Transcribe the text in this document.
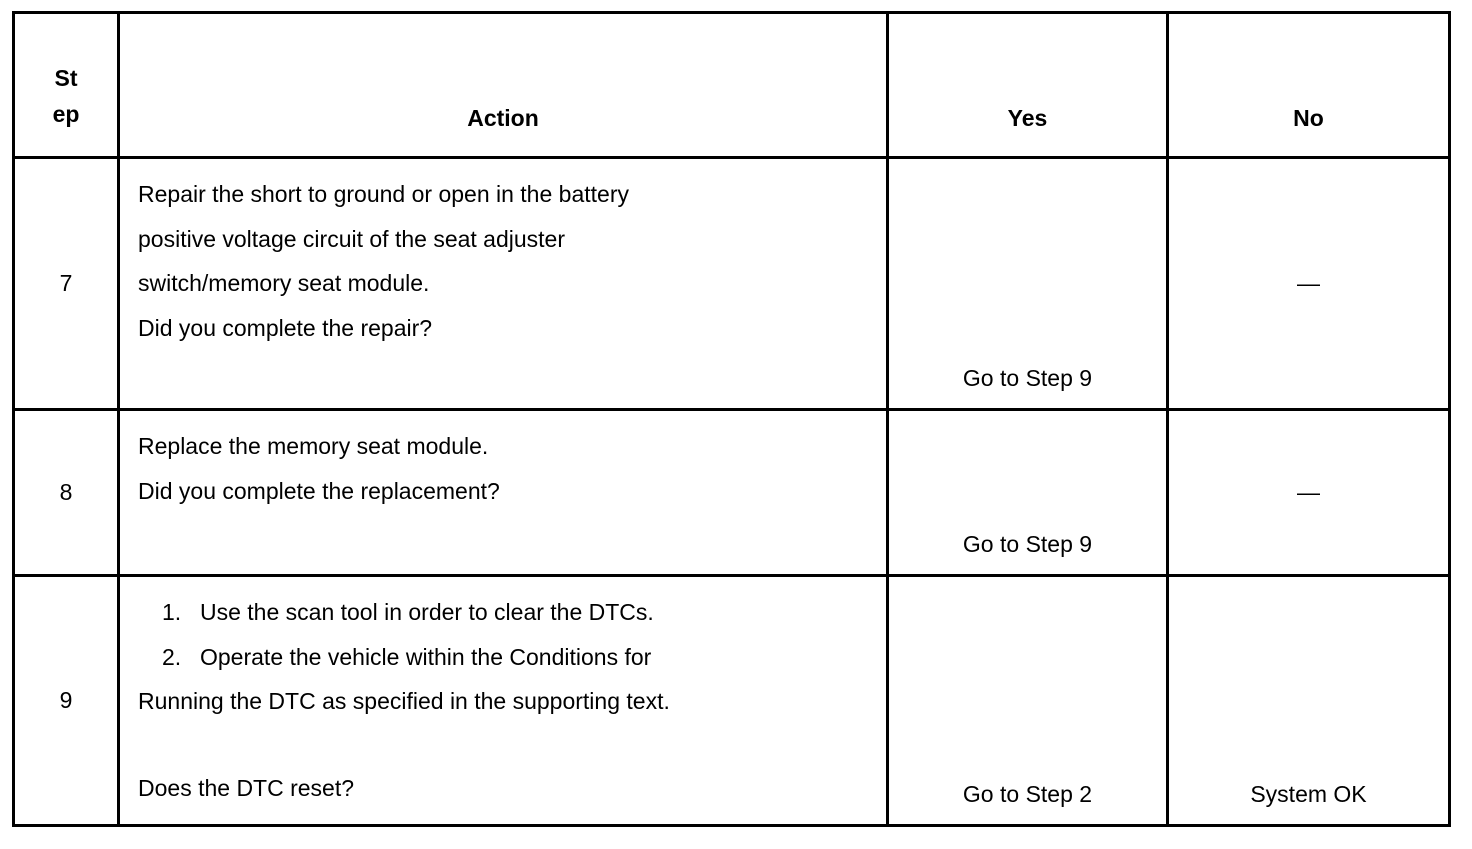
St
ep	Action	Yes	No
7	Repair the short to ground or open in the battery
positive voltage circuit of the seat adjuster
switch/memory seat module.
Did you complete the repair?	Go to Step 9	—

8	Replace the memory seat module.
Did you complete the replacement?	Go to Step 9	—

9	
1. Use the scan tool in order to clear the DTCs.
2. Operate the vehicle within the Conditions for
Running the DTC as specified in the supporting text.
Does the DTC reset?	Go to Step 2	System OK
